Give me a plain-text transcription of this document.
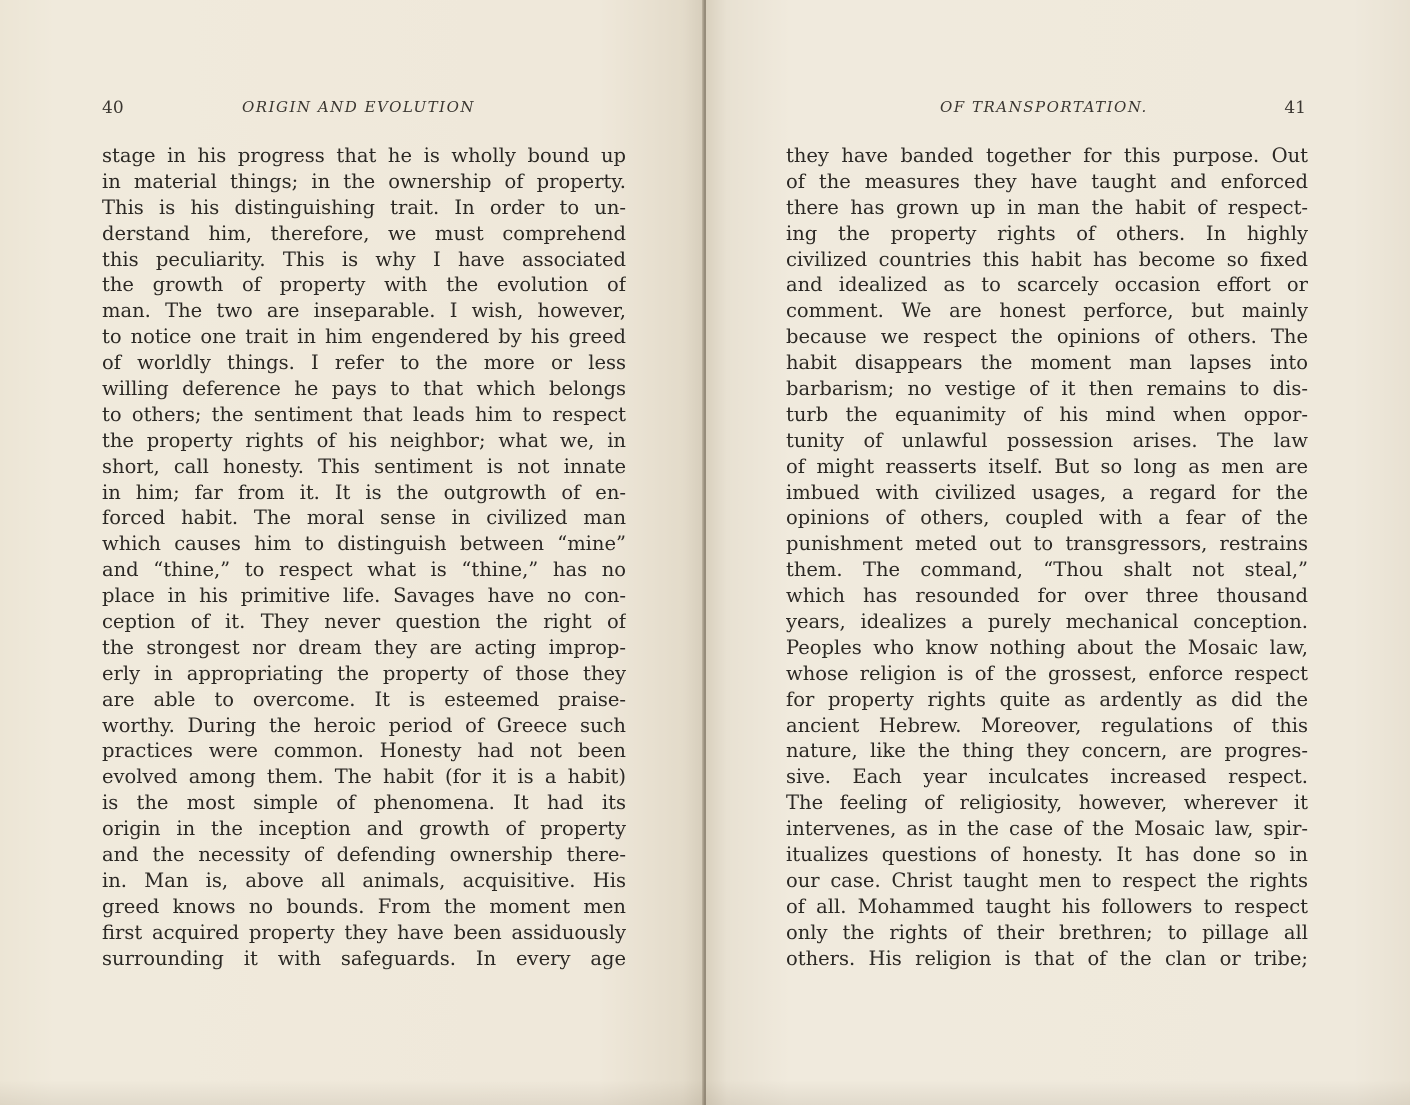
40	ORIGIN AND EVOLUTION
stage in his progress that he is wholly bound up
in material things; in the ownership of property.
This is his distinguishing trait. In order to un-
derstand him, therefore, we must comprehend
this peculiarity. This is why I have associated
the growth of property with the evolution of
man. The two are inseparable. I wish, however,
to notice one trait in him engendered by his greed
of worldly things. I refer to the more or less
willing deference he pays to that which belongs
to others; the sentiment that leads him to respect
the property rights of his neighbor; what we, in
short, call honesty. This sentiment is not innate
in him; far from it. It is the outgrowth of en-
forced habit. The moral sense in civilized man
which causes him to distinguish between “mine”
and “thine,” to respect what is “thine,” has no
place in his primitive life. Savages have no con-
ception of it. They never question the right of
the strongest nor dream they are acting improp-
erly in appropriating the property of those they
are able to overcome. It is esteemed praise-
worthy. During the heroic period of Greece such
practices were common. Honesty had not been
evolved among them. The habit (for it is a habit)
is the most simple of phenomena. It had its
origin in the inception and growth of property
and the necessity of defending ownership there-
in. Man is, above all animals, acquisitive. His
greed knows no bounds. From the moment men
first acquired property they have been assiduously
surrounding it with safeguards. In every age
OF TRANSPORTATION.	41
they have banded together for this purpose. Out
of the measures they have taught and enforced
there has grown up in man the habit of respect-
ing the property rights of others. In highly
civilized countries this habit has become so fixed
and idealized as to scarcely occasion effort or
comment. We are honest perforce, but mainly
because we respect the opinions of others. The
habit disappears the moment man lapses into
barbarism; no vestige of it then remains to dis-
turb the equanimity of his mind when oppor-
tunity of unlawful possession arises. The law
of might reasserts itself. But so long as men are
imbued with civilized usages, a regard for the
opinions of others, coupled with a fear of the
punishment meted out to transgressors, restrains
them. The command, “Thou shalt not steal,”
which has resounded for over three thousand
years, idealizes a purely mechanical conception.
Peoples who know nothing about the Mosaic law,
whose religion is of the grossest, enforce respect
for property rights quite as ardently as did the
ancient Hebrew. Moreover, regulations of this
nature, like the thing they concern, are progres-
sive. Each year inculcates increased respect.
The feeling of religiosity, however, wherever it
intervenes, as in the case of the Mosaic law, spir-
itualizes questions of honesty. It has done so in
our case. Christ taught men to respect the rights
of all. Mohammed taught his followers to respect
only the rights of their brethren; to pillage all
others. His religion is that of the clan or tribe;
